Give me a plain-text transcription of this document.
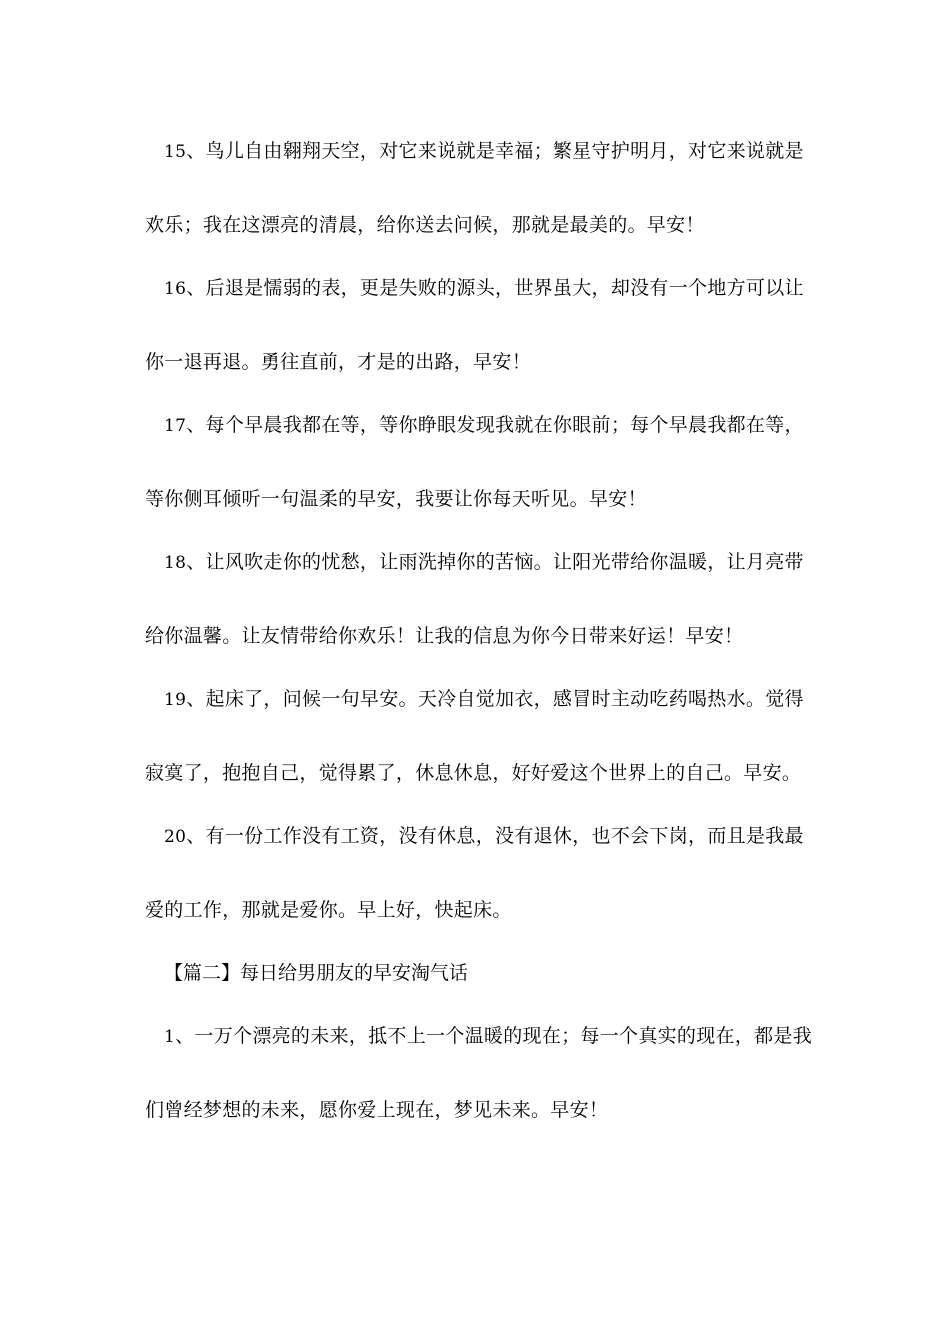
15、鸟儿自由翱翔天空，对它来说就是幸福；繁星守护明月，对它来说就是
欢乐；我在这漂亮的清晨，给你送去问候，那就是最美的。早安！
16、后退是懦弱的表，更是失败的源头，世界虽大，却没有一个地方可以让
你一退再退。勇往直前，才是的出路，早安！
17、每个早晨我都在等，等你睁眼发现我就在你眼前；每个早晨我都在等，
等你侧耳倾听一句温柔的早安，我要让你每天听见。早安！
18、让风吹走你的忧愁，让雨洗掉你的苦恼。让阳光带给你温暖，让月亮带
给你温馨。让友情带给你欢乐！让我的信息为你今日带来好运！早安！
19、起床了，问候一句早安。天冷自觉加衣，感冒时主动吃药喝热水。觉得
寂寞了，抱抱自己，觉得累了，休息休息，好好爱这个世界上的自己。早安。
20、有一份工作没有工资，没有休息，没有退休，也不会下岗，而且是我最
爱的工作，那就是爱你。早上好，快起床。
【篇二】每日给男朋友的早安淘气话
1、一万个漂亮的未来，抵不上一个温暖的现在；每一个真实的现在，都是我
们曾经梦想的未来，愿你爱上现在，梦见未来。早安！
